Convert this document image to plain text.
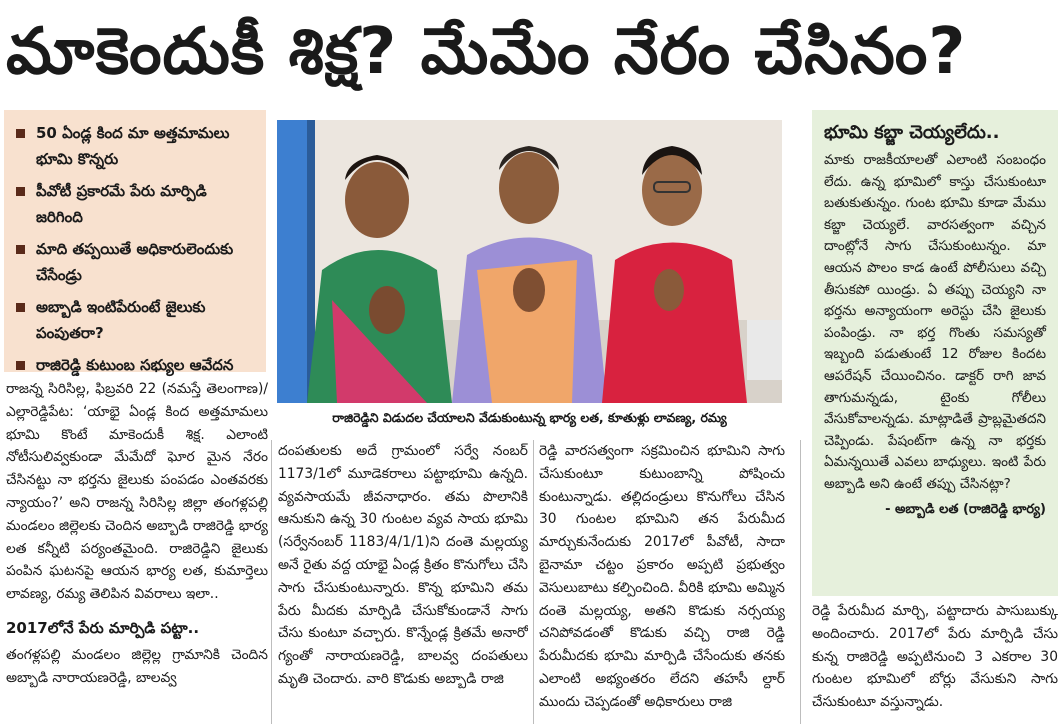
మాకెందుకీ శిక్ష? మేమేం నేరం చేసినం?
50 ఏండ్ల కింద మా అత్తమామలు భూమి కొన్నరు
పీవోటీ ప్రకారమే పేరు మార్పిడి జరిగింది
మాది తప్పయితే అధికారులెందుకు చేసేండ్రు
అబ్బాడి ఇంటిపేరుంటే జైలుకు పంపుతరా?
రాజిరెడ్డి కుటుంబ సభ్యుల ఆవేదన
రాజిరెడ్డిని విడుదల చేయాలని వేడుకుంటున్న భార్య లత, కూతుళ్లు లావణ్య, రమ్య
భూమి కబ్జా చెయ్యలేదు..

మాకు రాజకీయాలతో ఎలాంటి సంబంధం లేదు. ఉన్న భూమిలో కాస్తు చేసుకుంటూ బతుకుతున్నం. గుంట భూమి కూడా మేము కబ్జా చెయ్యలే. వారసత్వంగా వచ్చిన దాంట్లోనే సాగు చేసుకుంటున్నం. మా ఆయన పొలం కాడ ఉంటే పోలీసులు వచ్చి తీసుకపో యిండ్రు. ఏ తప్పు చెయ్యని నా భర్తను అన్యాయంగా అరెస్టు చేసి జైలుకు పంపిండ్రు. నా భర్త గొంతు సమస్యతో ఇబ్బంది పడుతుంటే 12 రోజుల కిందట ఆపరేషన్ చేయించినం. డాక్టర్ రాగి జావ తాగుమన్నడు, టైంకు గోలీలు వేసుకోవాలన్నడు. మాట్లాడితే ప్రాబ్లమైతదని చెప్పిండు. పేషంట్‌గా ఉన్న నా భర్తకు ఏమన్నయితే ఎవలు బాధ్యులు. ఇంటి పేరు అబ్బాడి అని ఉంటే తప్పు చేసినట్లా?

- అబ్బాడి లత (రాజిరెడ్డి భార్య)

రాజన్న సిరిసిల్ల, ఫిబ్రవరి 22 (నమస్తే తెలంగాణ)/ఎల్లారెడ్డిపేట: ‘యాభై ఏండ్ల కింద అత్తమామలు భూమి కొంటే మాకెందుకీ శిక్ష. ఎలాంటి నోటీసులివ్వకుండా మేమేదో ఘోర మైన నేరం చేసినట్టు నా భర్తను జైలుకు పంపడం ఎంతవరకు న్యాయం?’ అని రాజన్న సిరిసిల్ల జిల్లా తంగళ్లపల్లి మండలం జిల్లెలకు చెందిన అబ్బాడి రాజిరెడ్డి భార్య లత కన్నీటి పర్యంతమైంది. రాజిరెడ్డిని జైలుకు పంపిన ఘటనపై ఆయన భార్య లత, కుమార్తెలు లావణ్య, రమ్య తెలిపిన వివరాలు ఇలా..

2017లోనే పేరు మార్పిడి పట్టా..

తంగళ్లపల్లి మండలం జిల్లెల్ల గ్రామానికి చెందిన అబ్బాడి నారాయణరెడ్డి, బాలవ్వ

దంపతులకు అదే గ్రామంలో సర్వే నంబర్ 1173/1లో మూడెకరాలు పట్టాభూమి ఉన్నది. వ్యవసాయమే జీవనాధారం. తమ పొలానికి ఆనుకుని ఉన్న 30 గుంటల వ్యవ సాయ భూమి (సర్వేనంబర్ 1183/4/1/1)ని దంతె మల్లయ్య అనే రైతు వద్ద యాభై ఏండ్ల క్రితం కొనుగోలు చేసి సాగు చేసుకుంటున్నారు. కొన్న భూమిని తమ పేరు మీదకు మార్పిడి చేసుకోకుండానే సాగు చేసు కుంటూ వచ్చారు. కొన్నేండ్ల క్రితమే అనారో గ్యంతో నారాయణరెడ్డి, బాలవ్వ దంపతులు మృతి చెందారు. వారి కొడుకు అబ్బాడి రాజి

రెడ్డి వారసత్వంగా సక్రమించిన భూమిని సాగు చేసుకుంటూ కుటుంబాన్ని పోషించు కుంటున్నాడు. తల్లిదండ్రులు కొనుగోలు చేసిన 30 గుంటల భూమిని తన పేరుమీద మార్చుకునేందుకు 2017లో పీవోటీ, సాదా బైనామా చట్టం ప్రకారం అప్పటి ప్రభుత్వం వెసులుబాటు కల్పించింది. వీరికి భూమి అమ్మిన దంతె మల్లయ్య, అతని కొడుకు నర్సయ్య చనిపోవడంతో కొడుకు వచ్చి రాజి రెడ్డి పేరుమీదకు భూమి మార్పిడి చేసేందుకు తనకు ఎలాంటి అభ్యంతరం లేదని తహసీ ల్దార్ ముందు చెప్పడంతో అధికారులు రాజి

రెడ్డి పేరుమీద మార్చి, పట్టాదారు పాసుబుక్కు అందించారు. 2017లో పేరు మార్పిడి చేసు కున్న రాజిరెడ్డి అప్పటినుంచి 3 ఎకరాల 30 గుంటల భూమిలో బోర్లు వేసుకుని సాగు చేసుకుంటూ వస్తున్నాడు.
